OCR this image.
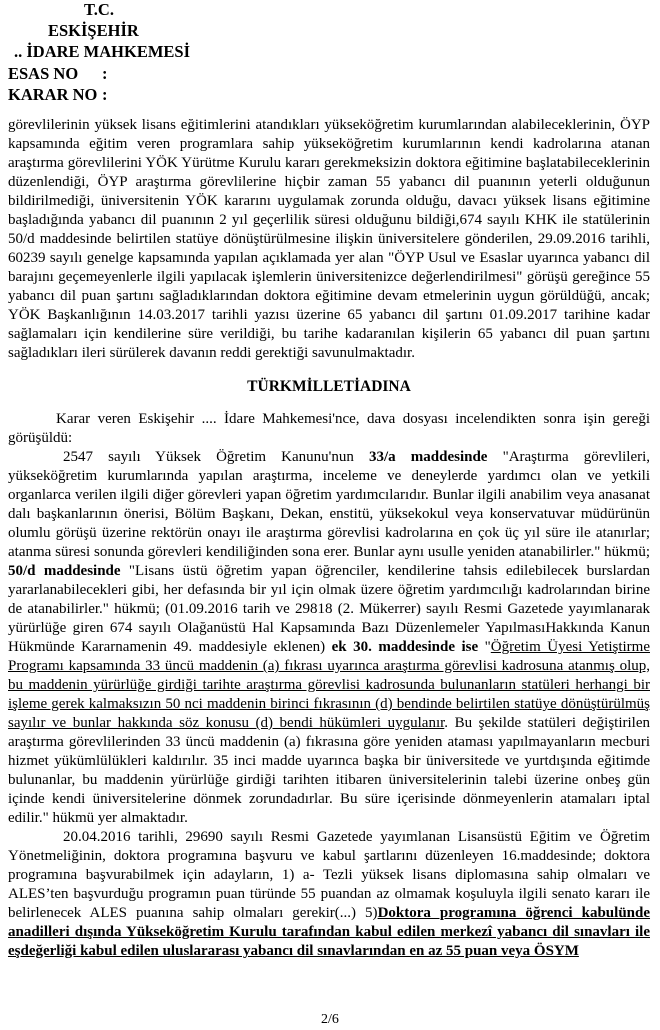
T.C.
ESKİŞEHİR
.. İDARE MAHKEMESİ
ESAS NO :
KARAR NO :

görevlilerinin yüksek lisans eğitimlerini atandıkları yükseköğretim kurumlarından alabileceklerinin, ÖYP kapsamında eğitim veren programlara sahip yükseköğretim kurumlarının kendi kadrolarına atanan araştırma görevlilerini YÖK Yürütme Kurulu kararı gerekmeksizin doktora eğitimine başlatabileceklerinin düzenlendiği, ÖYP araştırma görevlilerine hiçbir zaman 55 yabancı dil puanının yeterli olduğunun bildirilmediği, üniversitenin YÖK kararını uygulamak zorunda olduğu, davacı yüksek lisans eğitimine başladığında yabancı dil puanının 2 yıl geçerlilik süresi olduğunu bildiği,674 sayılı KHK ile statülerinin 50/d maddesinde belirtilen statüye dönüştürülmesine ilişkin üniversitelere gönderilen, 29.09.2016 tarihli, 60239 sayılı genelge kapsamında yapılan açıklamada yer alan "ÖYP Usul ve Esaslar uyarınca yabancı dil barajını geçemeyenlerle ilgili yapılacak işlemlerin üniversitenizce değerlendirilmesi" görüşü gereğince 55 yabancı dil puan şartını sağladıklarından doktora eğitimine devam etmelerinin uygun görüldüğü, ancak; YÖK Başkanlığının 14.03.2017 tarihli yazısı üzerine 65 yabancı dil şartını 01.09.2017 tarihine kadar sağlamaları için kendilerine süre verildiği, bu tarihe kadaranılan kişilerin 65 yabancı dil puan şartını sağladıkları ileri sürülerek davanın reddi gerektiği savunulmaktadır.

TÜRKMİLLETİADINA

Karar veren Eskişehir .... İdare Mahkemesi'nce, dava dosyası incelendikten sonra işin gereği görüşüldü:

2547 sayılı Yüksek Öğretim Kanunu'nun 33/a maddesinde "Araştırma görevlileri, yükseköğretim kurumlarında yapılan araştırma, inceleme ve deneylerde yardımcı olan ve yetkili organlarca verilen ilgili diğer görevleri yapan öğretim yardımcılarıdır. Bunlar ilgili anabilim veya anasanat dalı başkanlarının önerisi, Bölüm Başkanı, Dekan, enstitü, yüksekokul veya konservatuvar müdürünün olumlu görüşü üzerine rektörün onayı ile araştırma görevlisi kadrolarına en çok üç yıl süre ile atanırlar; atanma süresi sonunda görevleri kendiliğinden sona erer. Bunlar aynı usulle yeniden atanabilirler." hükmü; 50/d maddesinde "Lisans üstü öğretim yapan öğrenciler, kendilerine tahsis edilebilecek burslardan yararlanabilecekleri gibi, her defasında bir yıl için olmak üzere öğretim yardımcılığı kadrolarından birine de atanabilirler." hükmü; (01.09.2016 tarih ve 29818 (2. Mükerrer) sayılı Resmi Gazetede yayımlanarak yürürlüğe giren 674 sayılı Olağanüstü Hal Kapsamında Bazı Düzenlemeler YapılmasıHakkında Kanun Hükmünde Kararnamenin 49. maddesiyle eklenen) ek 30. maddesinde ise "Öğretim Üyesi Yetiştirme Programı kapsamında 33 üncü maddenin (a) fıkrası uyarınca araştırma görevlisi kadrosuna atanmış olup, bu maddenin yürürlüğe girdiği tarihte araştırma görevlisi kadrosunda bulunanların statüleri herhangi bir işleme gerek kalmaksızın 50 nci maddenin birinci fıkrasının (d) bendinde belirtilen statüye dönüştürülmüş sayılır ve bunlar hakkında söz konusu (d) bendi hükümleri uygulanır. Bu şekilde statüleri değiştirilen araştırma görevlilerinden 33 üncü maddenin (a) fıkrasına göre yeniden ataması yapılmayanların mecburi hizmet yükümlülükleri kaldırılır. 35 inci madde uyarınca başka bir üniversitede ve yurtdışında eğitimde bulunanlar, bu maddenin yürürlüğe girdiği tarihten itibaren üniversitelerinin talebi üzerine onbeş gün içinde kendi üniversitelerine dönmek zorundadırlar. Bu süre içerisinde dönmeyenlerin atamaları iptal edilir." hükmü yer almaktadır.

20.04.2016 tarihli, 29690 sayılı Resmi Gazetede yayımlanan Lisansüstü Eğitim ve Öğretim Yönetmeliğinin, doktora programına başvuru ve kabul şartlarını düzenleyen 16.maddesinde; doktora programına başvurabilmek için adayların, 1) a- Tezli yüksek lisans diplomasına sahip olmaları ve ALES’ten başvurduğu programın puan türünde 55 puandan az olmamak koşuluyla ilgili senato kararı ile belirlenecek ALES puanına sahip olmaları gerekir(...) 5)Doktora programına öğrenci kabulünde anadilleri dışında Yükseköğretim Kurulu tarafından kabul edilen merkezî yabancı dil sınavları ile eşdeğerliği kabul edilen uluslararası yabancı dil sınavlarından en az 55 puan veya ÖSYM

2/6
